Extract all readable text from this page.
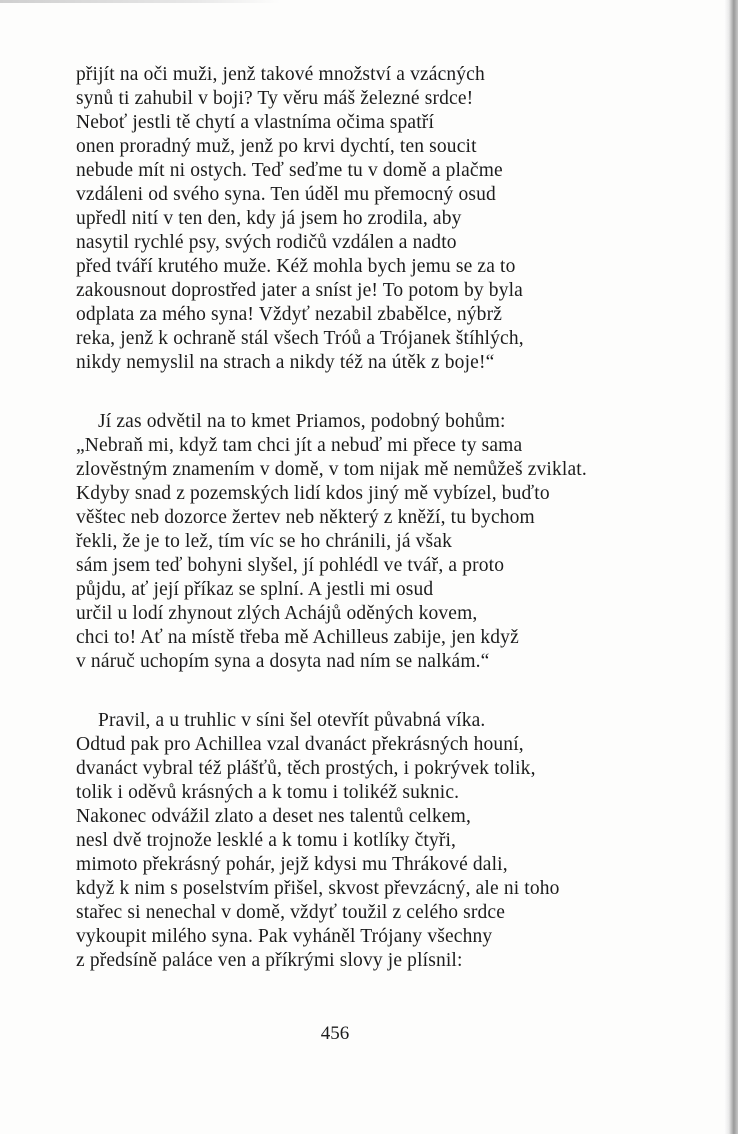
přijít na oči muži, jenž takové množství a vzácných
synů ti zahubil v boji? Ty věru máš železné srdce!
Neboť jestli tě chytí a vlastníma očima spatří
onen proradný muž, jenž po krvi dychtí, ten soucit
nebude mít ni ostych. Teď seďme tu v domě a plačme
vzdáleni od svého syna. Ten úděl mu přemocný osud
upředl nití v ten den, kdy já jsem ho zrodila, aby
nasytil rychlé psy, svých rodičů vzdálen a nadto
před tváří krutého muže. Kéž mohla bych jemu se za to
zakousnout doprostřed jater a sníst je! To potom by byla
odplata za mého syna! Vždyť nezabil zbabělce, nýbrž
reka, jenž k ochraně stál všech Tróů a Trójanek štíhlých,
nikdy nemyslil na strach a nikdy též na útěk z boje!“
Jí zas odvětil na to kmet Priamos, podobný bohům:
„Nebraň mi, když tam chci jít a nebuď mi přece ty sama
zlověstným znamením v domě, v tom nijak mě nemůžeš zviklat.
Kdyby snad z pozemských lidí kdos jiný mě vybízel, buďto
věštec neb dozorce žertev neb některý z kněží, tu bychom
řekli, že je to lež, tím víc se ho chránili, já však
sám jsem teď bohyni slyšel, jí pohlédl ve tvář, a proto
půjdu, ať její příkaz se splní. A jestli mi osud
určil u lodí zhynout zlých Achájů oděných kovem,
chci to! Ať na místě třeba mě Achilleus zabije, jen když
v náruč uchopím syna a dosyta nad ním se nalkám.“
Pravil, a u truhlic v síni šel otevřít půvabná víka.
Odtud pak pro Achillea vzal dvanáct překrásných houní,
dvanáct vybral též plášťů, těch prostých, i pokrývek tolik,
tolik i oděvů krásných a k tomu i tolikéž suknic.
Nakonec odvážil zlato a deset nes talentů celkem,
nesl dvě trojnože lesklé a k tomu i kotlíky čtyři,
mimoto překrásný pohár, jejž kdysi mu Thrákové dali,
když k nim s poselstvím přišel, skvost převzácný, ale ni toho
stařec si nenechal v domě, vždyť toužil z celého srdce
vykoupit milého syna. Pak vyháněl Trójany všechny
z předsíně paláce ven a příkrými slovy je plísnil:
456
